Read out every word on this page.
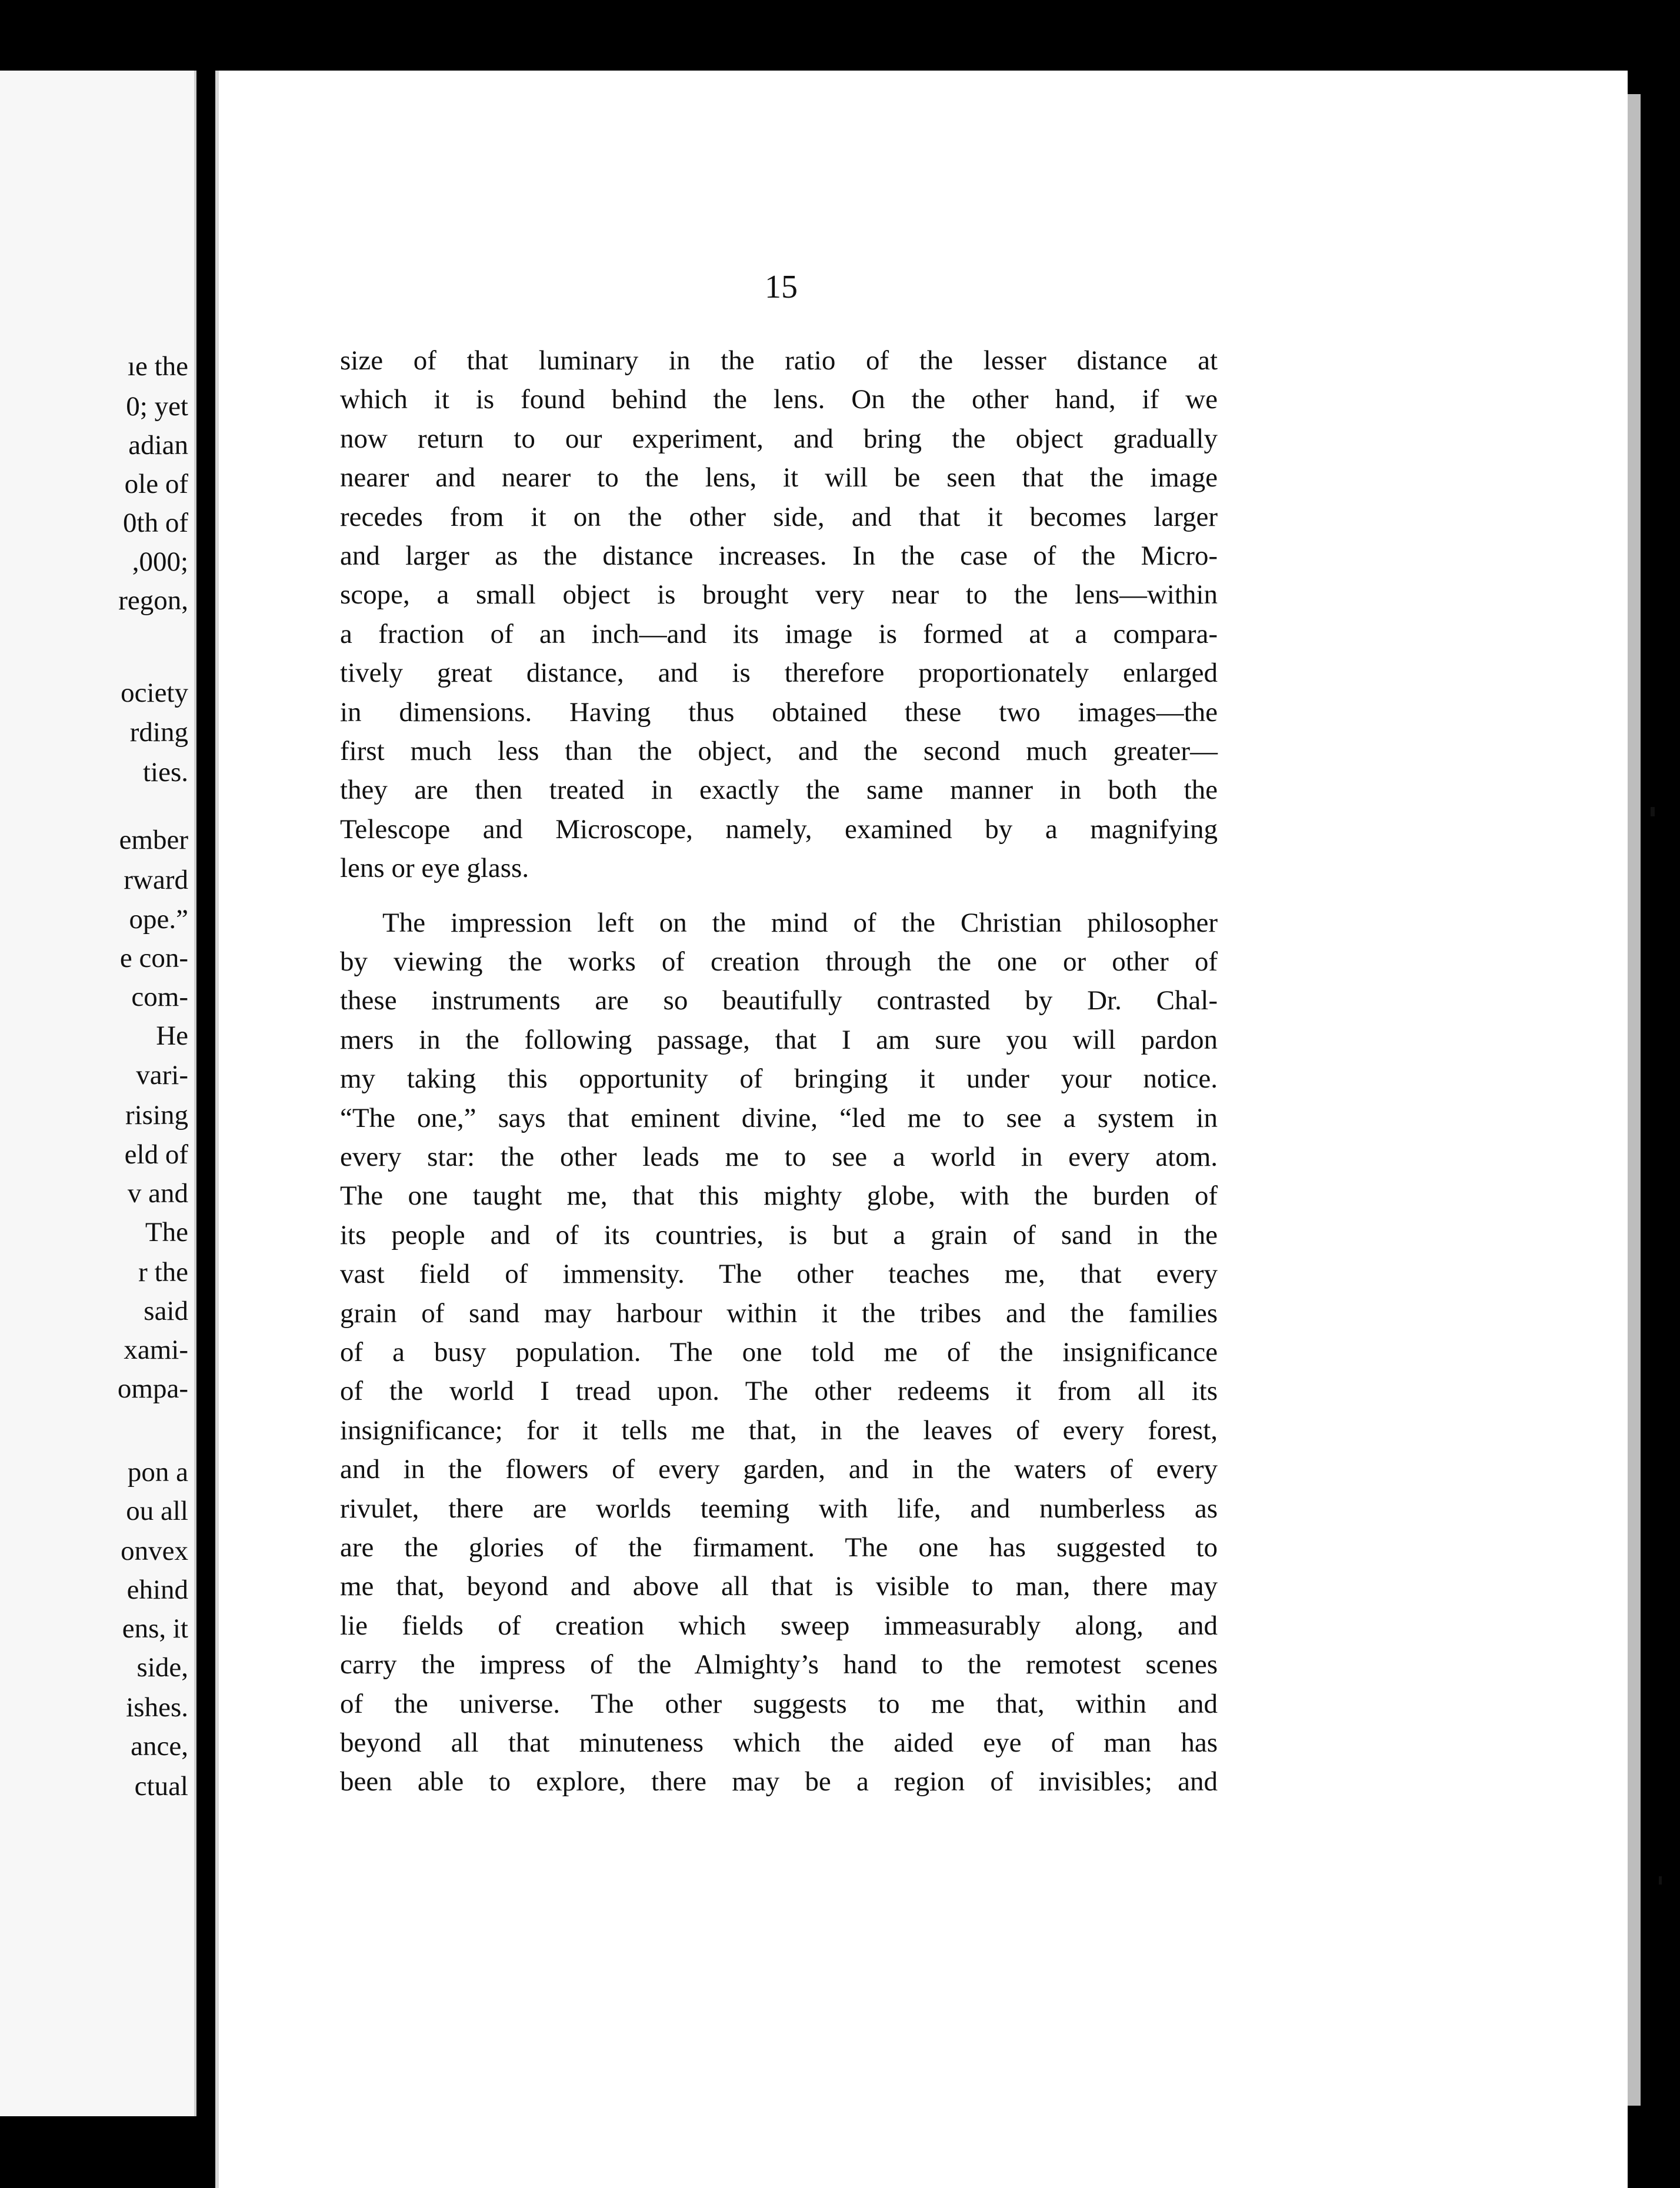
ıe the
0; yet
adian
ole of
0th of
,000;
regon,
ociety
rding
ties.
ember
rward
ope.”
e con-
com-
He
vari-
rising
eld of
v and
The
r the
said
xami-
ompa-
pon a
ou all
onvex
ehind
ens, it
side,
ishes.
ance,
ctual
15
size of that luminary in the ratio of the lesser distance at
which it is found behind the lens. On the other hand, if we
now return to our experiment, and bring the object gradually
nearer and nearer to the lens, it will be seen that the image
recedes from it on the other side, and that it becomes larger
and larger as the distance increases. In the case of the Micro-
scope, a small object is brought very near to the lens—within
a fraction of an inch—and its image is formed at a compara-
tively great distance, and is therefore proportionately enlarged
in dimensions. Having thus obtained these two images—the
first much less than the object, and the second much greater—
they are then treated in exactly the same manner in both the
Telescope and Microscope, namely, examined by a magnifying
lens or eye glass.
The impression left on the mind of the Christian philosopher
by viewing the works of creation through the one or other of
these instruments are so beautifully contrasted by Dr. Chal-
mers in the following passage, that I am sure you will pardon
my taking this opportunity of bringing it under your notice.
“The one,” says that eminent divine, “led me to see a system in
every star: the other leads me to see a world in every atom.
The one taught me, that this mighty globe, with the burden of
its people and of its countries, is but a grain of sand in the
vast field of immensity. The other teaches me, that every
grain of sand may harbour within it the tribes and the families
of a busy population. The one told me of the insignificance
of the world I tread upon. The other redeems it from all its
insignificance; for it tells me that, in the leaves of every forest,
and in the flowers of every garden, and in the waters of every
rivulet, there are worlds teeming with life, and numberless as
are the glories of the firmament. The one has suggested to
me that, beyond and above all that is visible to man, there may
lie fields of creation which sweep immeasurably along, and
carry the impress of the Almighty’s hand to the remotest scenes
of the universe. The other suggests to me that, within and
beyond all that minuteness which the aided eye of man has
been able to explore, there may be a region of invisibles; and
